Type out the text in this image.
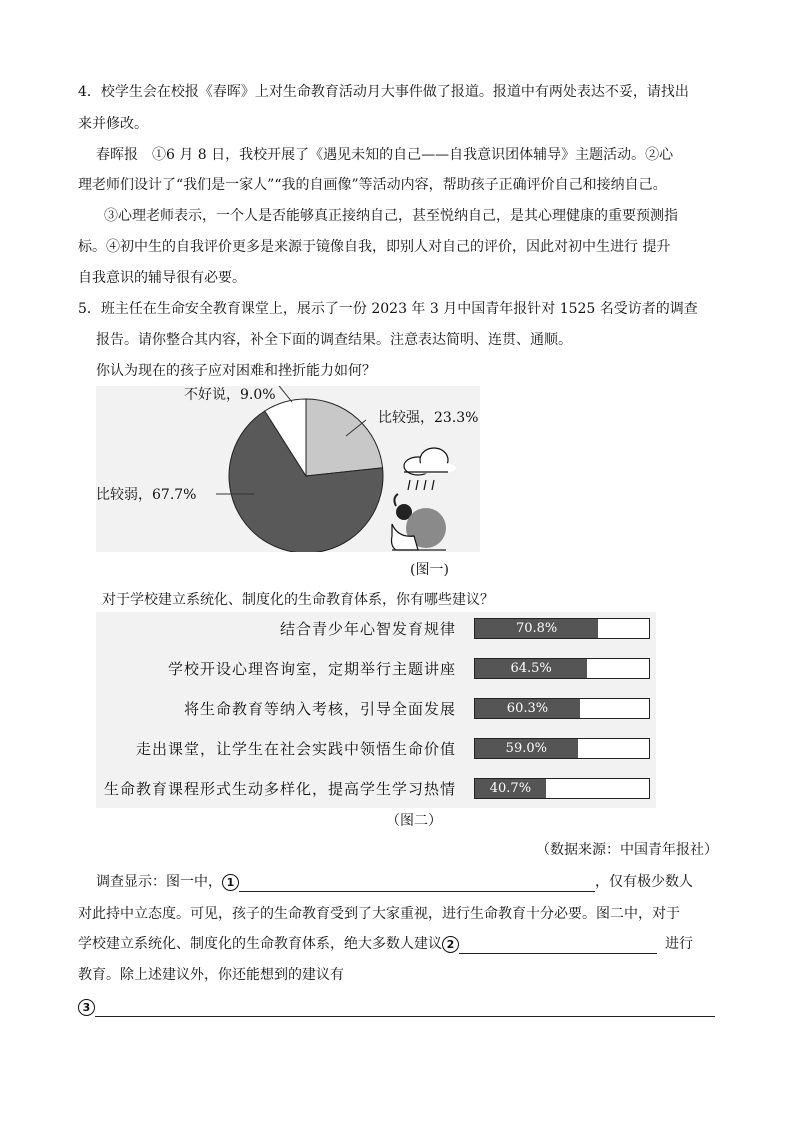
4．校学生会在校报《春晖》上对生命教育活动月大事件做了报道。报道中有两处表达不妥，请找出
来并修改。
春晖报　①6 月 8 日，我校开展了《遇见未知的自己——自我意识团体辅导》主题活动。②心
理老师们设计了“我们是一家人”“我的自画像”等活动内容，帮助孩子正确评价自己和接纳自己。
③心理老师表示，一个人是否能够真正接纳自己，甚至悦纳自己，是其心理健康的重要预测指
标。④初中生的自我评价更多是来源于镜像自我，即别人对自己的评价，因此对初中生进行 提升
自我意识的辅导很有必要。
5．班主任在生命安全教育课堂上，展示了一份 2023 年 3 月中国青年报针对 1525 名受访者的调查
报告。请你整合其内容，补全下面的调查结果。注意表达简明、连贯、通顺。
你认为现在的孩子应对困难和挫折能力如何？
不好说，9.0%
比较强，23.3%
比较弱，67.7%
(图一)
对于学校建立系统化、制度化的生命教育体系，你有哪些建议？
结合青少年心智发育规律	70.8%
学校开设心理咨询室，定期举行主题讲座	64.5%
将生命教育等纳入考核，引导全面发展	60.3%
走出课堂，让学生在社会实践中领悟生命价值	59.0%
生命教育课程形式生动多样化，提高学生学习热情	40.7%
（图二）
（数据来源：中国青年报社）
调查显示：图一中， 1	，仅有极少数人
对此持中立态度。可见，孩子的生命教育受到了大家重视，进行生命教育十分必要。图二中，对于
学校建立系统化、制度化的生命教育体系，绝大多数人建议 2	进行
教育。除上述建议外，你还能想到的建议有
3
